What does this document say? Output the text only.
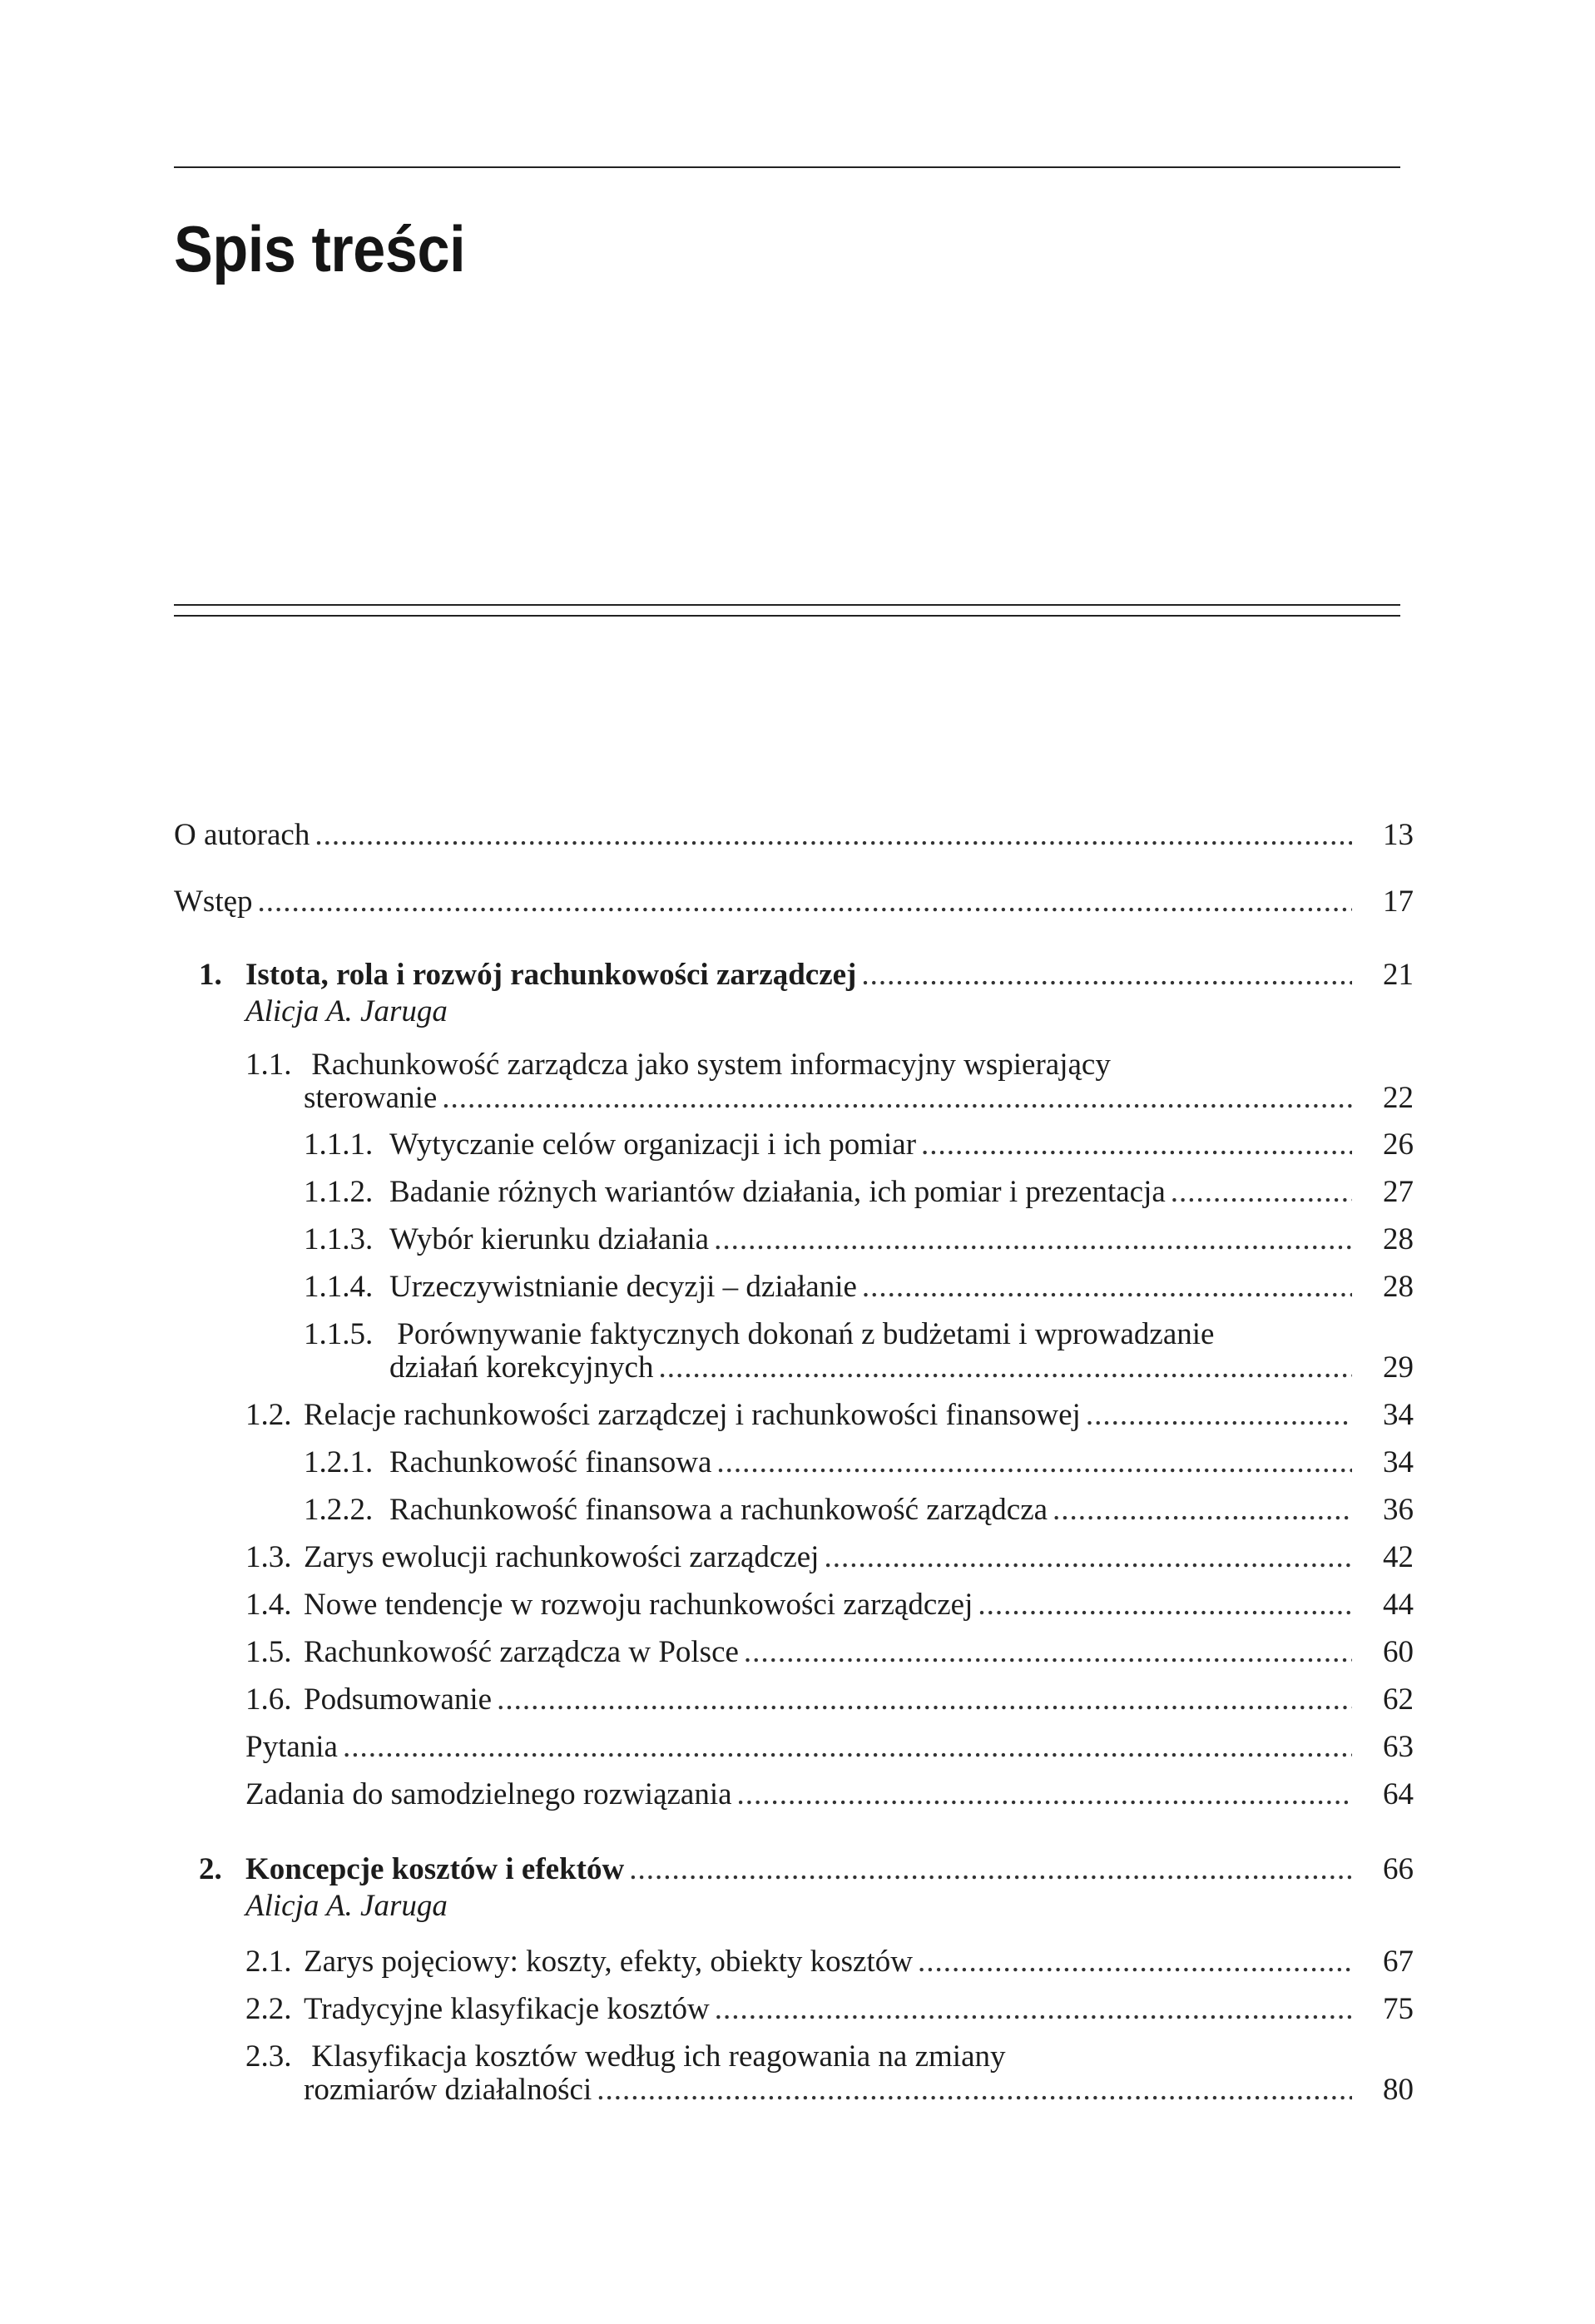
Spis treści
O autorach .....	13
Wstęp .....	17
1. Istota, rola i rozwój rachunkowości zarządczej .....	21
Alicja A. Jaruga
1.1. Rachunkowość zarządcza jako system informacyjny wspierający
sterowanie .....	22
1.1.1. Wytyczanie celów organizacji i ich pomiar .....	26
1.1.2. Badanie różnych wariantów działania, ich pomiar i prezentacja .....	27
1.1.3. Wybór kierunku działania .....	28
1.1.4. Urzeczywistnianie decyzji – działanie .....	28
1.1.5. Porównywanie faktycznych dokonań z budżetami i wprowadzanie
działań korekcyjnych .....	29
1.2. Relacje rachunkowości zarządczej i rachunkowości finansowej .....	34
1.2.1. Rachunkowość finansowa .....	34
1.2.2. Rachunkowość finansowa a rachunkowość zarządcza .....	36
1.3. Zarys ewolucji rachunkowości zarządczej .....	42
1.4. Nowe tendencje w rozwoju rachunkowości zarządczej .....	44
1.5. Rachunkowość zarządcza w Polsce .....	60
1.6. Podsumowanie .....	62
Pytania .....	63
Zadania do samodzielnego rozwiązania .....	64
2. Koncepcje kosztów i efektów .....	66
Alicja A. Jaruga
2.1. Zarys pojęciowy: koszty, efekty, obiekty kosztów .....	67
2.2. Tradycyjne klasyfikacje kosztów .....	75
2.3. Klasyfikacja kosztów według ich reagowania na zmiany
rozmiarów działalności .....	80
